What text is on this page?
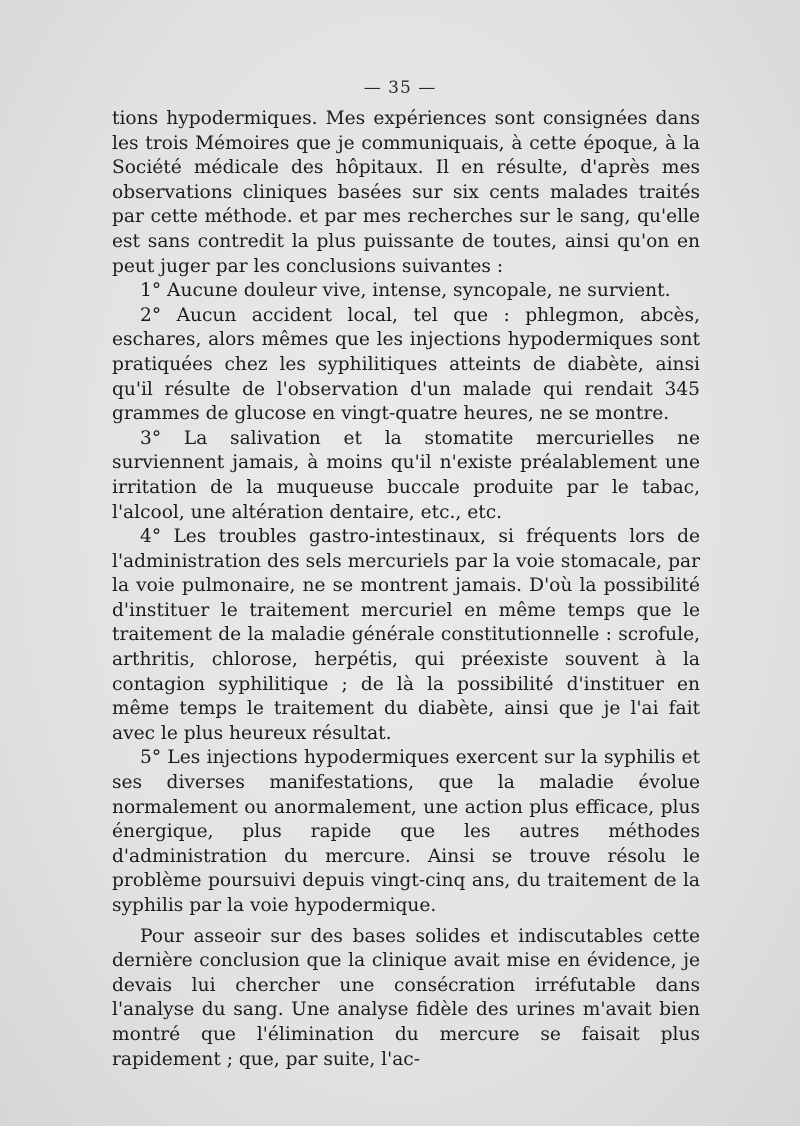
— 35 —

tions hypodermiques. Mes expériences sont consignées dans les trois Mémoires que je communiquais, à cette époque, à la Société médicale des hôpitaux. Il en résulte, d'après mes observations cliniques basées sur six cents malades traités par cette méthode. et par mes recherches sur le sang, qu'elle est sans contredit la plus puissante de toutes, ainsi qu'on en peut juger par les conclusions suivantes :

1° Aucune douleur vive, intense, syncopale, ne survient.

2° Aucun accident local, tel que : phlegmon, abcès, eschares, alors mêmes que les injections hypodermiques sont pratiquées chez les syphilitiques atteints de diabète, ainsi qu'il résulte de l'observation d'un malade qui rendait 345 grammes de glucose en vingt-quatre heures, ne se montre.

3° La salivation et la stomatite mercurielles ne surviennent jamais, à moins qu'il n'existe préalablement une irritation de la muqueuse buccale produite par le tabac, l'alcool, une altération dentaire, etc., etc.

4° Les troubles gastro-intestinaux, si fréquents lors de l'administration des sels mercuriels par la voie stomacale, par la voie pulmonaire, ne se montrent jamais. D'où la possibilité d'instituer le traitement mercuriel en même temps que le traitement de la maladie générale constitutionnelle : scrofule, arthritis, chlorose, herpétis, qui préexiste souvent à la contagion syphilitique ; de là la possibilité d'instituer en même temps le traitement du diabète, ainsi que je l'ai fait avec le plus heureux résultat.

5° Les injections hypodermiques exercent sur la syphilis et ses diverses manifestations, que la maladie évolue normalement ou anormalement, une action plus efficace, plus énergique, plus rapide que les autres méthodes d'administration du mercure. Ainsi se trouve résolu le problème poursuivi depuis vingt-cinq ans, du traitement de la syphilis par la voie hypodermique.

Pour asseoir sur des bases solides et indiscutables cette dernière conclusion que la clinique avait mise en évidence, je devais lui chercher une consécration irréfutable dans l'analyse du sang. Une analyse fidèle des urines m'avait bien montré que l'élimination du mercure se faisait plus rapidement ; que, par suite, l'ac-
